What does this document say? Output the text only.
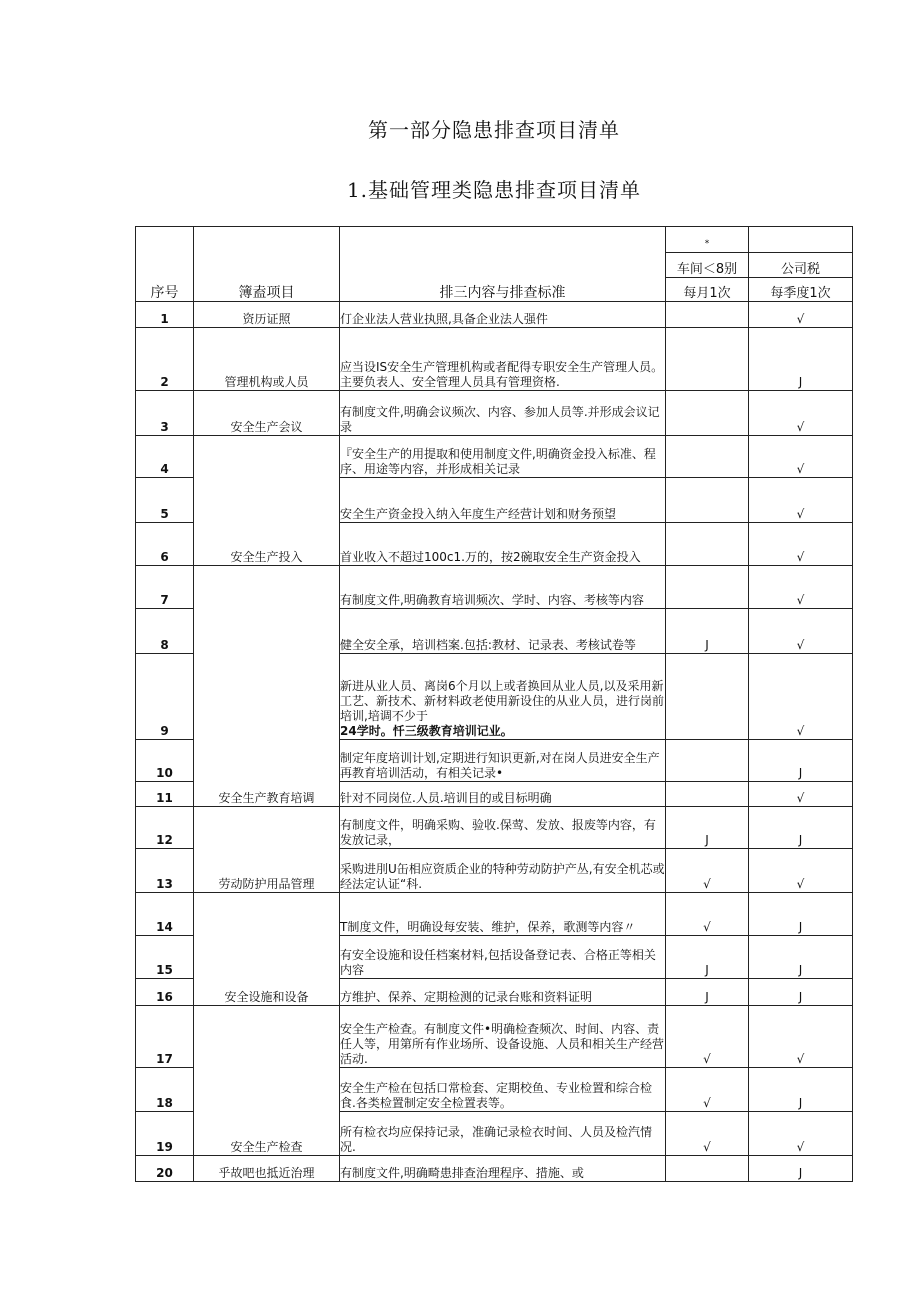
第一部分隐患排查项目清单
1.基础管理类隐患排查项目清单
序号	簿盍项目	排三内容与排查标准	*	
			车间＜8别	公司税
			每月1次	每季度1次
1	资历证照	仃企业法人营业执照,具备企业法人强件		√
2	管理机构或人员	应当设IS安全生产管理机构或者配得专职安全生产管理人员。主要负表人、安全管理人员具有管理资格.		J
3	安全生产会议	有制度文件,明确会议频次、内容、参加人员等.并形成会议记录		√
4	安全生产投入	『安全生产的用提取和使用制度文件,明确资金投入标准、程序、用途等内容，并形成相关记录		√
5		安全生产资金投入纳入年度生产经营计划和财务预望		√
6		首业收入不超过100c1.万的，按2碗取安全生产资金投入		√
7	安全生产教育培调	有制度文件,明确教育培训频次、学时、内容、考核等内容		√
8		健全安全承，培训档案.包括:教材、记录表、考核试卷等	J	√
9		新进从业人员、离岗6个月以上或者换回从业人员,以及采用新工艺、新技术、新材料政老使用新设住的从业人员，进行岗前培训,培调不少于
24学时。忏三级教育培训记业。		√
10		制定年度培训计划,定期进行知识更新,对在岗人员进安全生产再教育培训活动，有相关记录•		J
11		针对不同岗位.人员.培训目的或目标明确		√
12	劳动防护用品管理	有制度文件，明确采购、验收.保莺、发放、报废等内容，有发放记录，	J	J
13		采购进刖U缶相应资质企业的特种劳动防护产丛,有安全机芯或经法定认证“科.	√	√
14	安全设施和设备	T制度文件，明确设每安装、维护，保养，歌测等内容〃	√	J
15		有安全设施和设任档案材料,包括设备登记表、合格正等相关内容	J	J
16		方维护、保养、定期检测的记录台账和资料证明	J	J
17	安全生产检查	安全生产检查。有制度文件•明确检查频次、时间、内容、责任人等，用第所有作业场所、设备设施、人员和相关生产经营活动.	√	√
18		安全生产检在包括口常检套、定期校鱼、专业检置和综合检食.各类检置制定安全检置表等。	√	J
19		所有检衣均应保持记录，准确记录检衣时间、人员及检汽情况.	√	√
20	乎故吧也抵近治理	有制度文件,明确畸患排查治理程序、措施、或		J
